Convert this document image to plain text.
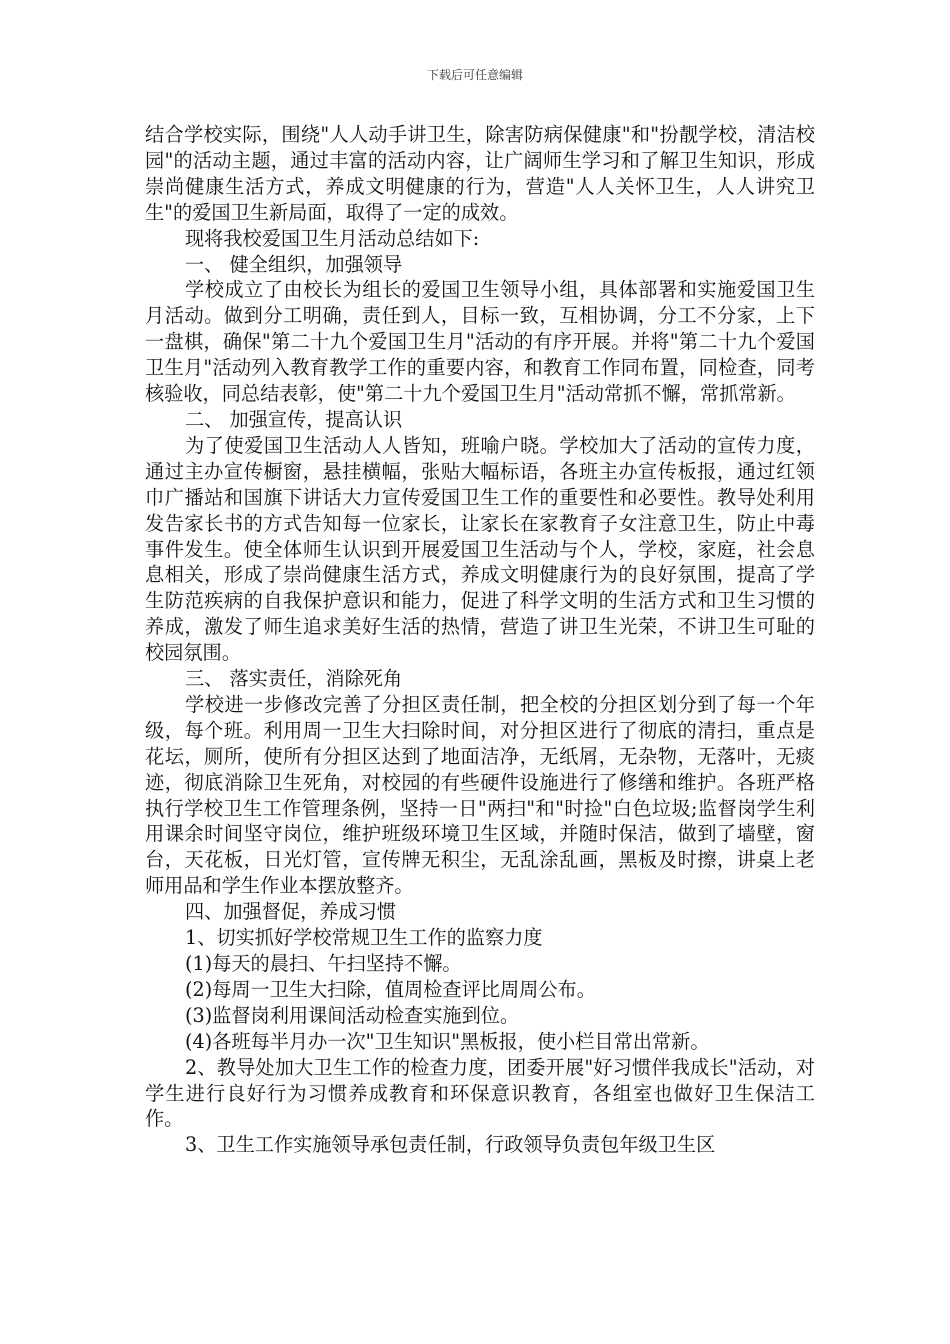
下载后可任意编辑

结合学校实际，围绕"人人动手讲卫生，除害防病保健康"和"扮靓学校，清洁校园"的活动主题，通过丰富的活动内容，让广阔师生学习和了解卫生知识，形成崇尚健康生活方式，养成文明健康的行为，营造"人人关怀卫生，人人讲究卫生"的爱国卫生新局面，取得了一定的成效。

现将我校爱国卫生月活动总结如下:

一、 健全组织，加强领导

学校成立了由校长为组长的爱国卫生领导小组，具体部署和实施爱国卫生月活动。做到分工明确，责任到人，目标一致，互相协调，分工不分家，上下一盘棋，确保"第二十九个爱国卫生月"活动的有序开展。并将"第二十九个爱国卫生月"活动列入教育教学工作的重要内容，和教育工作同布置，同检查，同考核验收，同总结表彰，使"第二十九个爱国卫生月"活动常抓不懈，常抓常新。

二、 加强宣传，提高认识

为了使爱国卫生活动人人皆知，班喻户晓。学校加大了活动的宣传力度，通过主办宣传橱窗，悬挂横幅，张贴大幅标语，各班主办宣传板报，通过红领巾广播站和国旗下讲话大力宣传爱国卫生工作的重要性和必要性。教导处利用发告家长书的方式告知每一位家长，让家长在家教育子女注意卫生，防止中毒事件发生。使全体师生认识到开展爱国卫生活动与个人，学校，家庭，社会息息相关，形成了崇尚健康生活方式，养成文明健康行为的良好氛围，提高了学生防范疾病的自我保护意识和能力，促进了科学文明的生活方式和卫生习惯的养成，激发了师生追求美好生活的热情，营造了讲卫生光荣，不讲卫生可耻的校园氛围。

三、 落实责任，消除死角

学校进一步修改完善了分担区责任制，把全校的分担区划分到了每一个年级，每个班。利用周一卫生大扫除时间，对分担区进行了彻底的清扫，重点是花坛，厕所，使所有分担区达到了地面洁净，无纸屑，无杂物，无落叶，无痰迹，彻底消除卫生死角，对校园的有些硬件设施进行了修缮和维护。各班严格执行学校卫生工作管理条例，坚持一日"两扫"和"时捡"白色垃圾;监督岗学生利用课余时间坚守岗位，维护班级环境卫生区域，并随时保洁，做到了墙壁，窗台，天花板，日光灯管，宣传牌无积尘，无乱涂乱画，黑板及时擦，讲桌上老师用品和学生作业本摆放整齐。

四、加强督促，养成习惯

1、切实抓好学校常规卫生工作的监察力度

(1)每天的晨扫、午扫坚持不懈。

(2)每周一卫生大扫除，值周检查评比周周公布。

(3)监督岗利用课间活动检查实施到位。

(4)各班每半月办一次"卫生知识"黑板报，使小栏目常出常新。

2、教导处加大卫生工作的检查力度，团委开展"好习惯伴我成长"活动，对学生进行良好行为习惯养成教育和环保意识教育，各组室也做好卫生保洁工作。

3、卫生工作实施领导承包责任制，行政领导负责包年级卫生区
